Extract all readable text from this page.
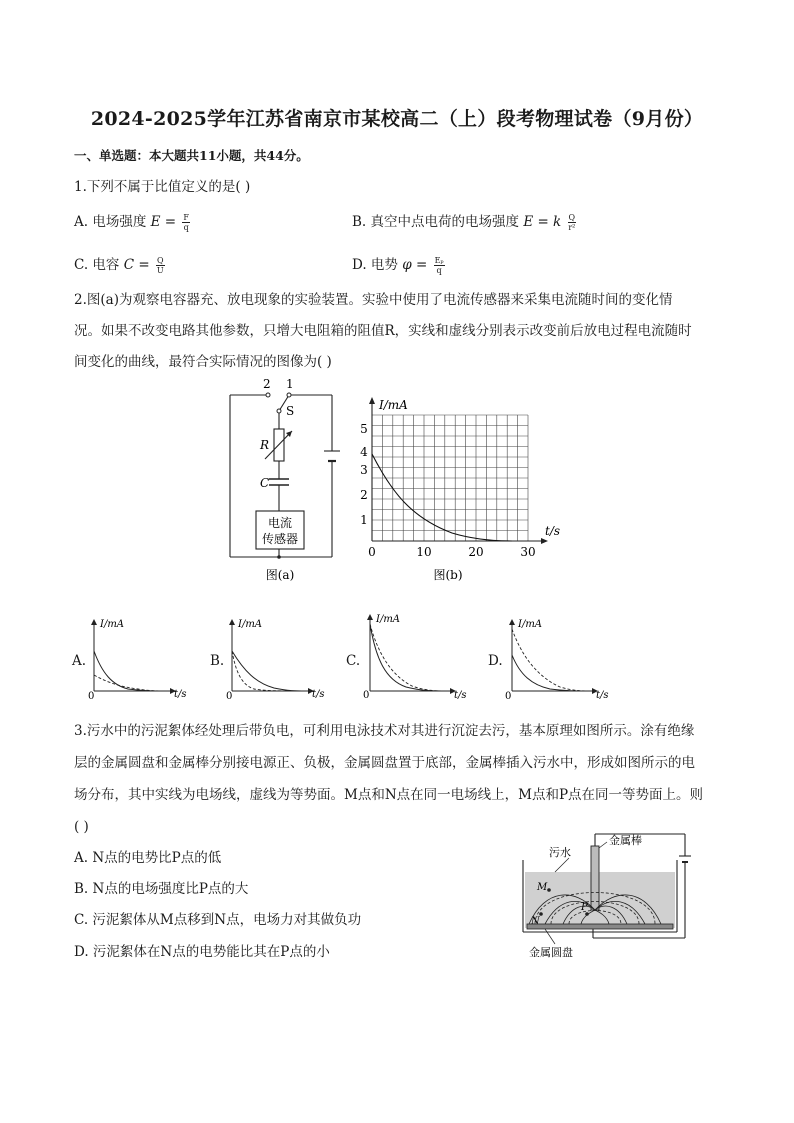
2024-2025学年江苏省南京市某校高二（上）段考物理试卷（9月份）
一、单选题：本大题共11小题，共44分。
1.下列不属于比值定义的是( )
A. 电场强度 $E = \frac{F}{q}$	B. 真空中点电荷的电场强度 E = k $\frac{Q}{\text{r²}}$
C. 电容 $C = \frac{Q}{U}$	D. 电势 $\varphi = \frac{\text{Eₚ}}{q}$
2.图(a)为观察电容器充、放电现象的实验装置。实验中使用了电流传感器来采集电流随时间的变化情
况。如果不改变电路其他参数，只增大电阻箱的阻值R，实线和虚线分别表示改变前后放电过程电流随时
间变化的曲线，最符合实际情况的图像为( )
2 1
S
R
C
电流
传感器
图(a)
I/mA
t/s
1
2
3
4
5
0	10	20	30
图(b)
A.
I/mA
t/s
0
B.
I/mA
t/s
0
C.
I/mA
t/s
0
D.
I/mA
t/s
0
3.污水中的污泥絮体经处理后带负电，可利用电泳技术对其进行沉淀去污，基本原理如图所示。涂有绝缘
层的金属圆盘和金属棒分别接电源正、负极，金属圆盘置于底部，金属棒插入污水中，形成如图所示的电
场分布，其中实线为电场线，虚线为等势面。M点和N点在同一电场线上，M点和P点在同一等势面上。则
( )
A. N点的电势比P点的低
B. N点的电场强度比P点的大
C. 污泥絮体从M点移到N点，电场力对其做负功
D. 污泥絮体在N点的电势能比其在P点的小
M
N
P
污水
金属棒
金属圆盘
